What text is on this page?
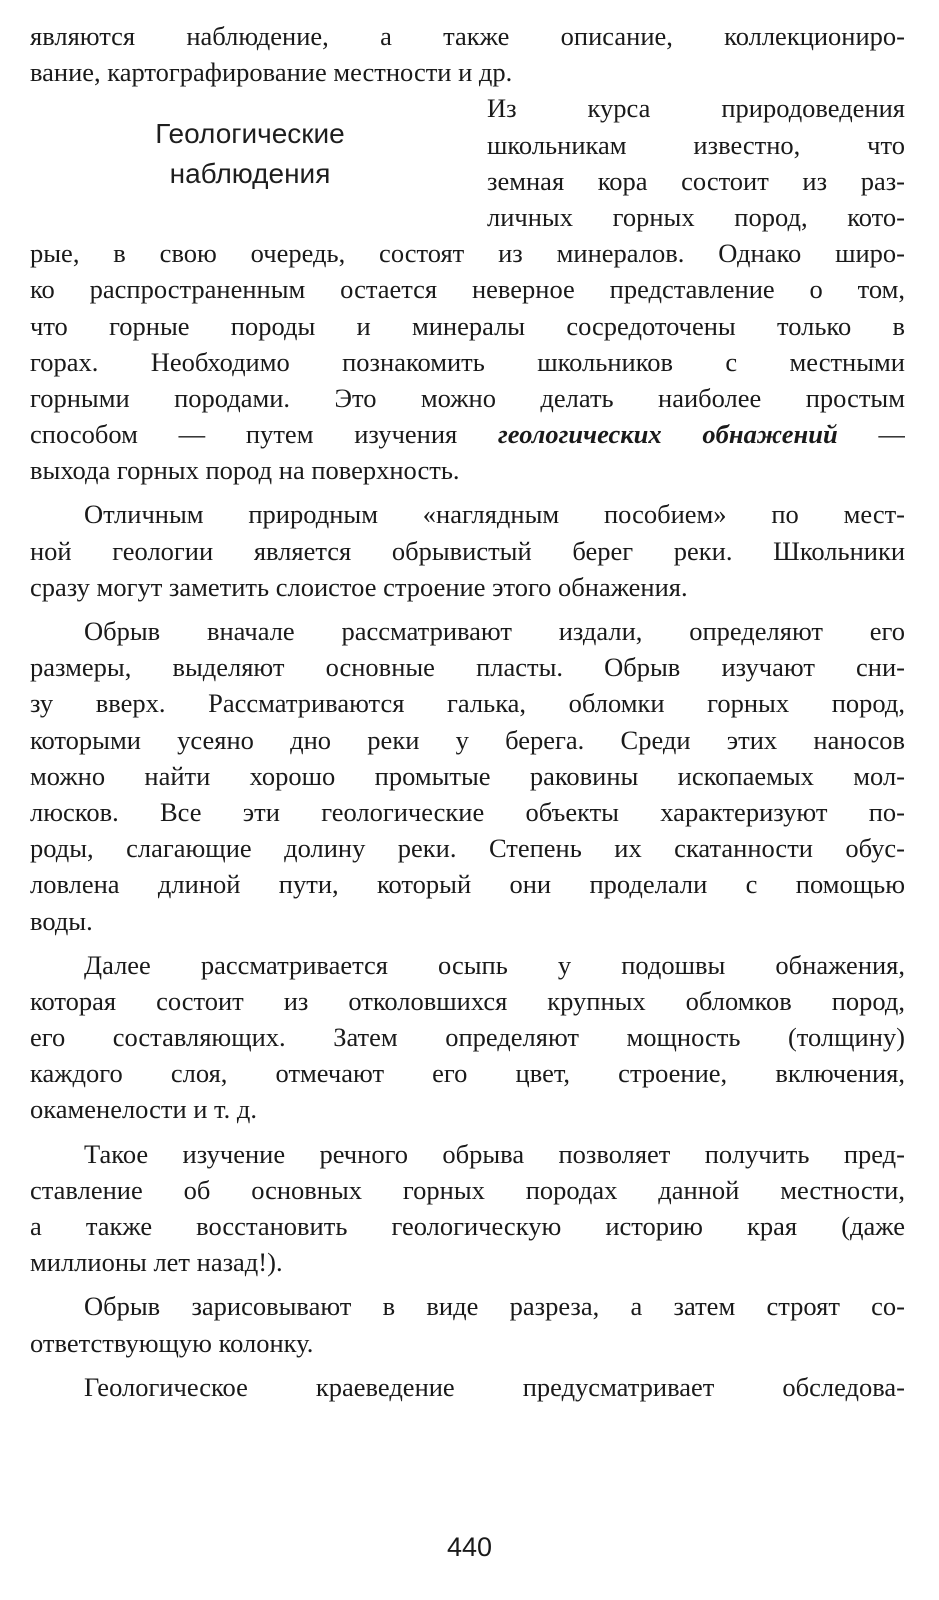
являются наблюдение, а также описание, коллекциониро-
вание, картографирование местности и др.
Геологические
наблюдения
Из курса природоведения
школьникам известно, что
земная кора состоит из раз-
личных горных пород, кото-
рые, в свою очередь, состоят из минералов. Однако широ-
ко распространенным остается неверное представление о том,
что горные породы и минералы сосредоточены только в
горах. Необходимо познакомить школьников с местными
горными породами. Это можно делать наиболее простым
способом — путем изучения геологических обнажений —
выхода горных пород на поверхность.
Отличным природным «наглядным пособием» по мест-
ной геологии является обрывистый берег реки. Школьники
сразу могут заметить слоистое строение этого обнажения.
Обрыв вначале рассматривают издали, определяют его
размеры, выделяют основные пласты. Обрыв изучают сни-
зу вверх. Рассматриваются галька, обломки горных пород,
которыми усеяно дно реки у берега. Среди этих наносов
можно найти хорошо промытые раковины ископаемых мол-
люсков. Все эти геологические объекты характеризуют по-
роды, слагающие долину реки. Степень их скатанности обус-
ловлена длиной пути, который они проделали с помощью
воды.
Далее рассматривается осыпь у подошвы обнажения,
которая состоит из отколовшихся крупных обломков пород,
его составляющих. Затем определяют мощность (толщину)
каждого слоя, отмечают его цвет, строение, включения,
окаменелости и т. д.
Такое изучение речного обрыва позволяет получить пред-
ставление об основных горных породах данной местности,
а также восстановить геологическую историю края (даже
миллионы лет назад!).
Обрыв зарисовывают в виде разреза, а затем строят со-
ответствующую колонку.
Геологическое краеведение предусматривает обследова-
440
